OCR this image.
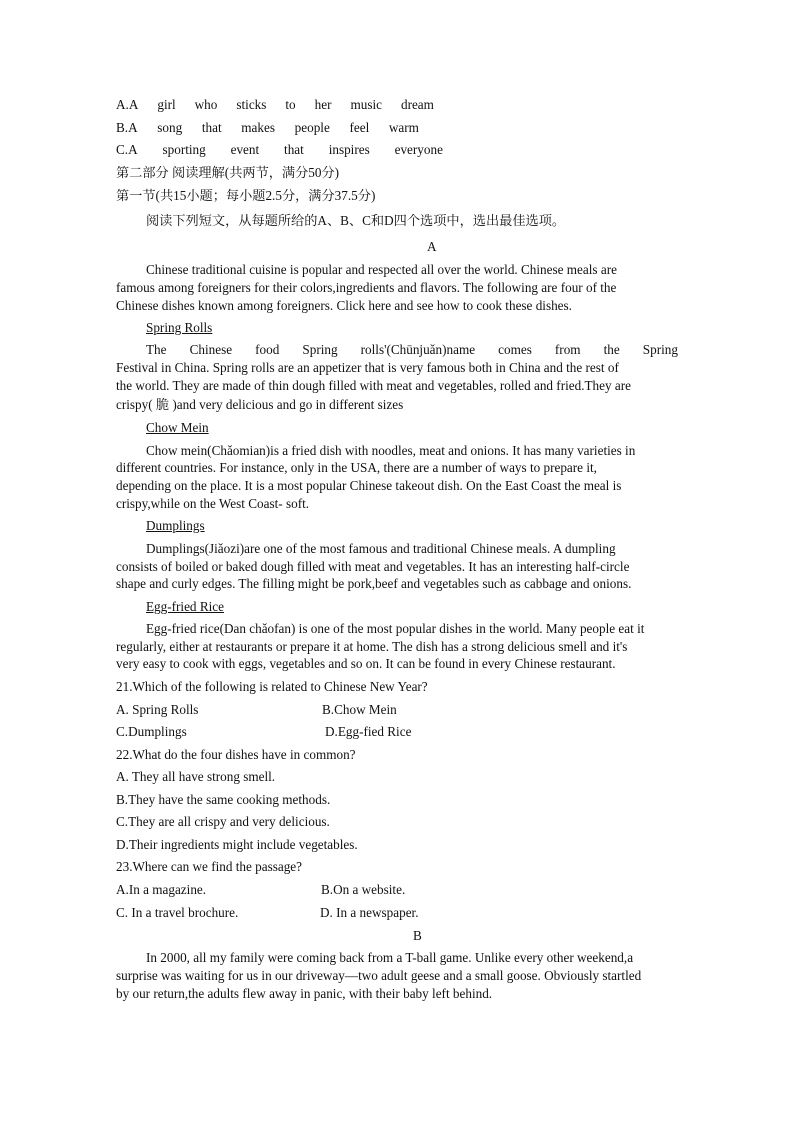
A.A girl who sticks to her music dream
B.A song that makes people feel warm
C.A sporting event that inspires everyone
第二部分 阅读理解(共两节，满分50分)
第一节(共15小题；每小题2.5分，满分37.5分)
阅读下列短文，从每题所给的A、B、C和D四个选项中，选出最佳选项。
A
Chinese traditional cuisine is popular and respected all over the world. Chinese meals are
famous among foreigners for their colors,ingredients and flavors. The following are four of the
Chinese dishes known among foreigners. Click here and see how to cook these dishes.
Spring Rolls
The Chinese food Spring rolls'(Chūnjuǎn)name comes from the Spring
Festival in China. Spring rolls are an appetizer that is very famous both in China and the rest of
the world. They are made of thin dough filled with meat and vegetables, rolled and fried.They are
crispy( 脆 )and very delicious and go in different sizes
Chow Mein
Chow mein(Chǎomian)is a fried dish with noodles, meat and onions. It has many varieties in
different countries. For instance, only in the USA, there are a number of ways to prepare it,
depending on the place. It is a most popular Chinese takeout dish. On the East Coast the meal is
crispy,while on the West Coast- soft.
Dumplings
Dumplings(Jiǎozi)are one of the most famous and traditional Chinese meals. A dumpling
consists of boiled or baked dough filled with meat and vegetables. It has an interesting half-circle
shape and curly edges. The filling might be pork,beef and vegetables such as cabbage and onions.
Egg-fried Rice
Egg-fried rice(Dan chǎofan) is one of the most popular dishes in the world. Many people eat it
regularly, either at restaurants or prepare it at home. The dish has a strong delicious smell and it's
very easy to cook with eggs, vegetables and so on. It can be found in every Chinese restaurant.
21.Which of the following is related to Chinese New Year?
A. Spring Rolls	B.Chow Mein
C.Dumplings	D.Egg-fied Rice
22.What do the four dishes have in common?
A. They all have strong smell.
B.They have the same cooking methods.
C.They are all crispy and very delicious.
D.Their ingredients might include vegetables.
23.Where can we find the passage?
A.In a magazine.	B.On a website.
C. In a travel brochure.	D. In a newspaper.
B
In 2000, all my family were coming back from a T-ball game. Unlike every other weekend,a
surprise was waiting for us in our driveway—two adult geese and a small goose. Obviously startled
by our return,the adults flew away in panic, with their baby left behind.
